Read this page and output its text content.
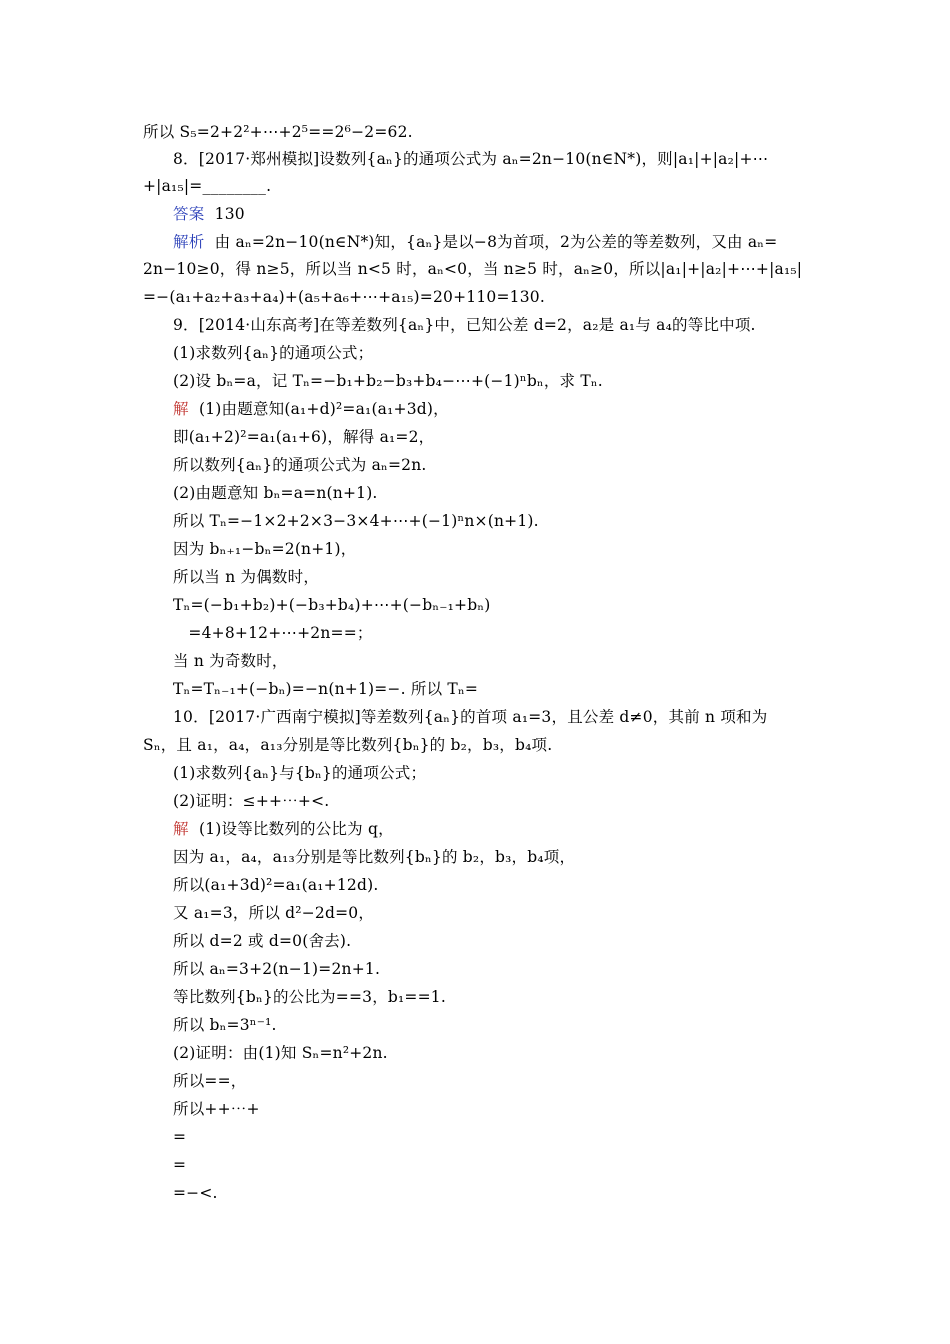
所以 S₅=2+2²+⋯+2⁵==2⁶−2=62.
8．[2017·郑州模拟]设数列{aₙ}的通项公式为 aₙ=2n−10(n∈N*)，则|a₁|+|a₂|+⋯
+|a₁₅|=________.
答案 130
解析 由 aₙ=2n−10(n∈N*)知，{aₙ}是以−8为首项，2为公差的等差数列，又由 aₙ=
2n−10≥0，得 n≥5，所以当 n<5 时，aₙ<0，当 n≥5 时，aₙ≥0，所以|a₁|+|a₂|+⋯+|a₁₅|
=−(a₁+a₂+a₃+a₄)+(a₅+a₆+⋯+a₁₅)=20+110=130.
9．[2014·山东高考]在等差数列{aₙ}中，已知公差 d=2，a₂是 a₁与 a₄的等比中项.
(1)求数列{aₙ}的通项公式；
(2)设 bₙ=a，记 Tₙ=−b₁+b₂−b₃+b₄−⋯+(−1)ⁿbₙ，求 Tₙ.
解 (1)由题意知(a₁+d)²=a₁(a₁+3d)，
即(a₁+2)²=a₁(a₁+6)，解得 a₁=2，
所以数列{aₙ}的通项公式为 aₙ=2n.
(2)由题意知 bₙ=a=n(n+1).
所以 Tₙ=−1×2+2×3−3×4+⋯+(−1)ⁿn×(n+1).
因为 bₙ₊₁−bₙ=2(n+1)，
所以当 n 为偶数时，
Tₙ=(−b₁+b₂)+(−b₃+b₄)+⋯+(−bₙ₋₁+bₙ)
=4+8+12+⋯+2n==；
当 n 为奇数时，
Tₙ=Tₙ₋₁+(−bₙ)=−n(n+1)=−. 所以 Tₙ=
10．[2017·广西南宁模拟]等差数列{aₙ}的首项 a₁=3，且公差 d≠0，其前 n 项和为
Sₙ，且 a₁，a₄，a₁₃分别是等比数列{bₙ}的 b₂，b₃，b₄项.
(1)求数列{aₙ}与{bₙ}的通项公式；
(2)证明：≤++⋯+<.
解 (1)设等比数列的公比为 q，
因为 a₁，a₄，a₁₃分别是等比数列{bₙ}的 b₂，b₃，b₄项，
所以(a₁+3d)²=a₁(a₁+12d).
又 a₁=3，所以 d²−2d=0，
所以 d=2 或 d=0(舍去).
所以 aₙ=3+2(n−1)=2n+1.
等比数列{bₙ}的公比为==3，b₁==1.
所以 bₙ=3ⁿ⁻¹.
(2)证明：由(1)知 Sₙ=n²+2n.
所以==，
所以++⋯+
=
=
=−<.
